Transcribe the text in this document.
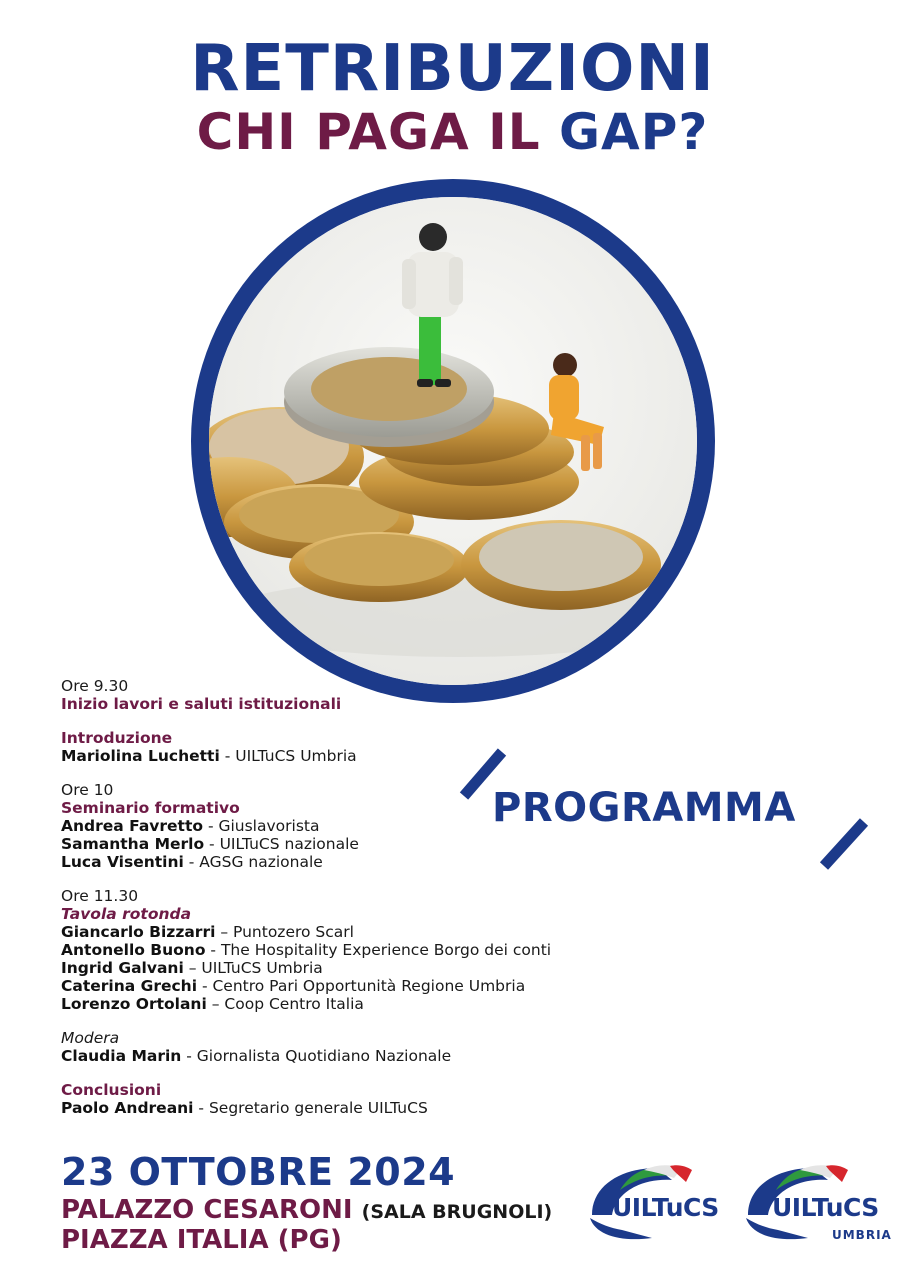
RETRIBUZIONI
CHI PAGA IL GAP?
PROGRAMMA
Ore 9.30
Inizio lavori e saluti istituzionali
Introduzione
Mariolina Luchetti - UILTuCS Umbria
Ore 10
Seminario formativo
Andrea Favretto - Giuslavorista
Samantha Merlo - UILTuCS nazionale
Luca Visentini - AGSG nazionale
Ore 11.30
Tavola rotonda
Giancarlo Bizzarri – Puntozero Scarl
Antonello Buono - The Hospitality Experience Borgo dei conti
Ingrid Galvani – UILTuCS Umbria
Caterina Grechi - Centro Pari Opportunità Regione Umbria
Lorenzo Ortolani – Coop Centro Italia
Modera
Claudia Marin - Giornalista Quotidiano Nazionale
Conclusioni
Paolo Andreani - Segretario generale UILTuCS
23 OTTOBRE 2024
PALAZZO CESARONI (SALA BRUGNOLI)
PIAZZA ITALIA (PG)
UILTuCS UILTuCS
UMBRIA
